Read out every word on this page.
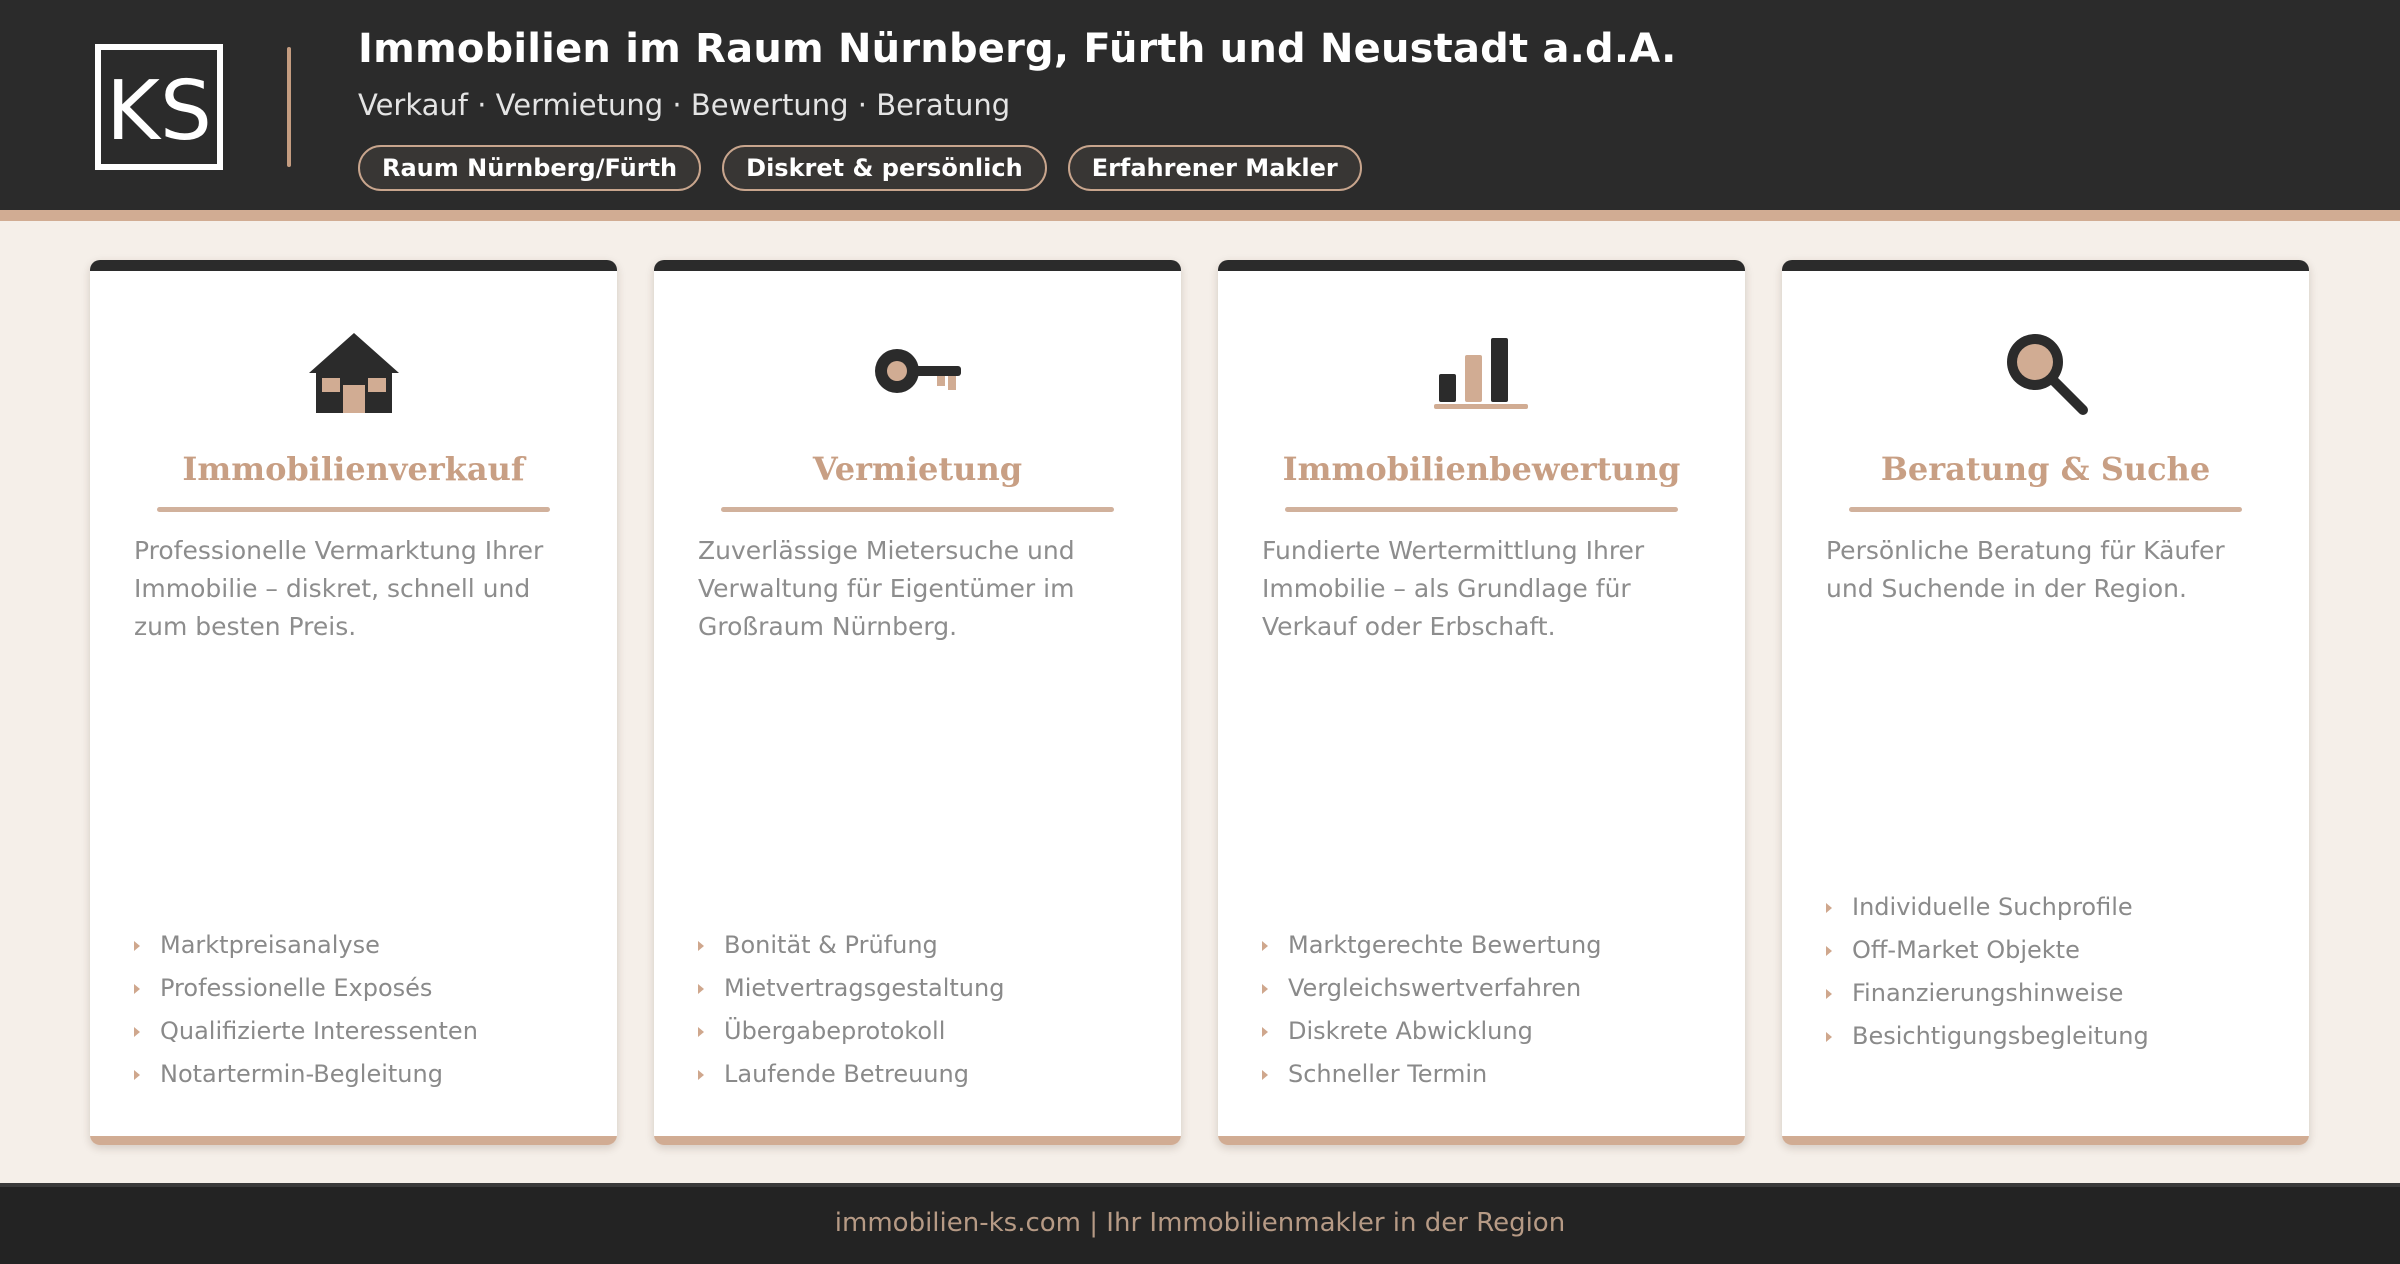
KS
Immobilien im Raum Nürnberg, Fürth und Neustadt a.d.A.
Verkauf · Vermietung · Bewertung · Beratung
Raum Nürnberg/Fürth	Diskret & persönlich	Erfahrener Makler
Immobilienverkauf
Professionelle Vermarktung Ihrer Immobilie – diskret, schnell und zum besten Preis.
Marktpreisanalyse
Professionelle Exposés
Qualifizierte Interessenten
Notartermin-Begleitung
Vermietung
Zuverlässige Mietersuche und Verwaltung für Eigentümer im Großraum Nürnberg.
Bonität & Prüfung
Mietvertragsgestaltung
Übergabeprotokoll
Laufende Betreuung
Immobilienbewertung
Fundierte Wertermittlung Ihrer Immobilie – als Grundlage für Verkauf oder Erbschaft.
Marktgerechte Bewertung
Vergleichswertverfahren
Diskrete Abwicklung
Schneller Termin
Beratung & Suche
Persönliche Beratung für Käufer und Suchende in der Region.
Individuelle Suchprofile
Off-Market Objekte
Finanzierungshinweise
Besichtigungsbegleitung
immobilien-ks.com | Ihr Immobilienmakler in der Region
